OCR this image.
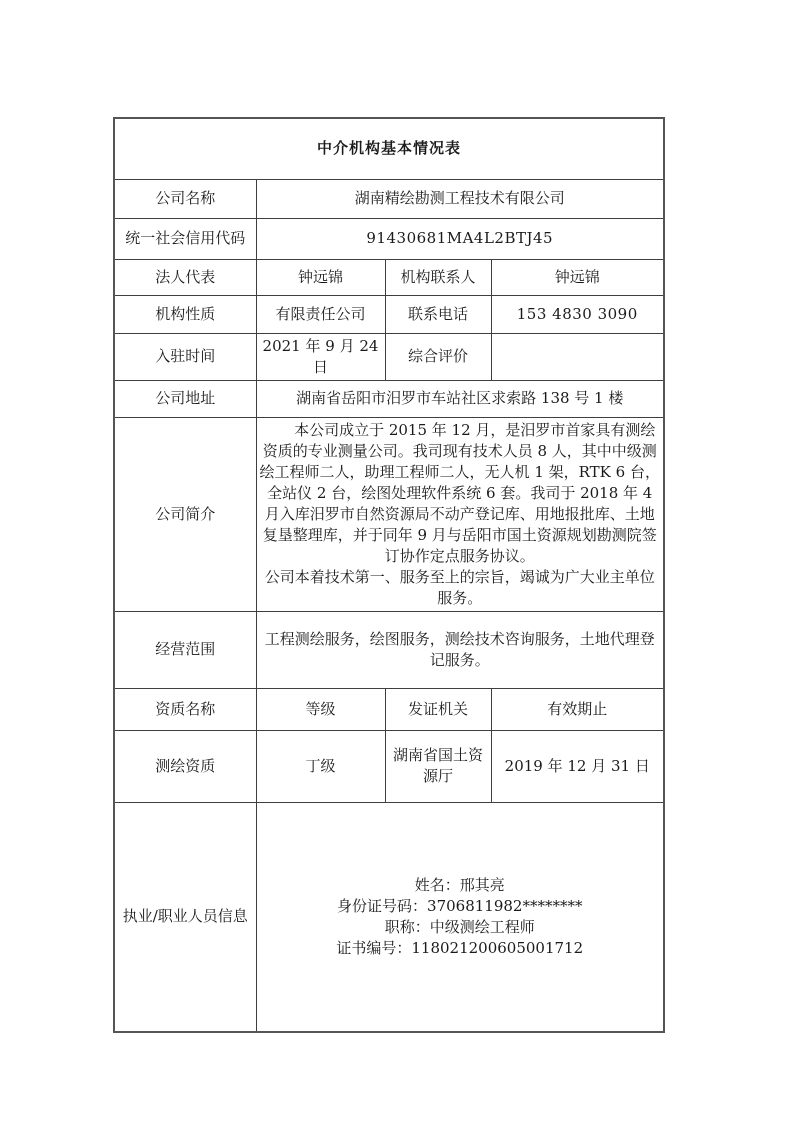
中介机构基本情况表			
公司名称	湖南精绘勘测工程技术有限公司		
统一社会信用代码	91430681MA4L2BTJ45		
法人代表	钟远锦	机构联系人	钟远锦
机构性质	有限责任公司	联系电话	153 4830 3090
入驻时间	2021 年 9 月 24 日	综合评价	
公司地址	湖南省岳阳市汨罗市车站社区求索路 138 号 1 楼		
公司简介	本公司成立于 2015 年 12 月，是汨罗市首家具有测绘资质的专业测量公司。我司现有技术人员 8 人，其中中级测绘工程师二人，助理工程师二人，无人机 1 架，RTK 6 台，全站仪 2 台，绘图处理软件系统 6 套。我司于 2018 年 4 月入库汨罗市自然资源局不动产登记库、用地报批库、土地复垦整理库，并于同年 9 月与岳阳市国土资源规划勘测院签订协作定点服务协议。

公司本着技术第一、服务至上的宗旨，竭诚为广大业主单位服务。		

经营范围	工程测绘服务，绘图服务，测绘技术咨询服务，土地代理登记服务。		
资质名称	等级	发证机关	有效期止
测绘资质	丁级	湖南省国土资源厅	2019 年 12 月 31 日
执业/职业人员信息	姓名：邢其亮
身份证号码：3706811982********
职称：中级测绘工程师
证书编号：118021200605001712		
